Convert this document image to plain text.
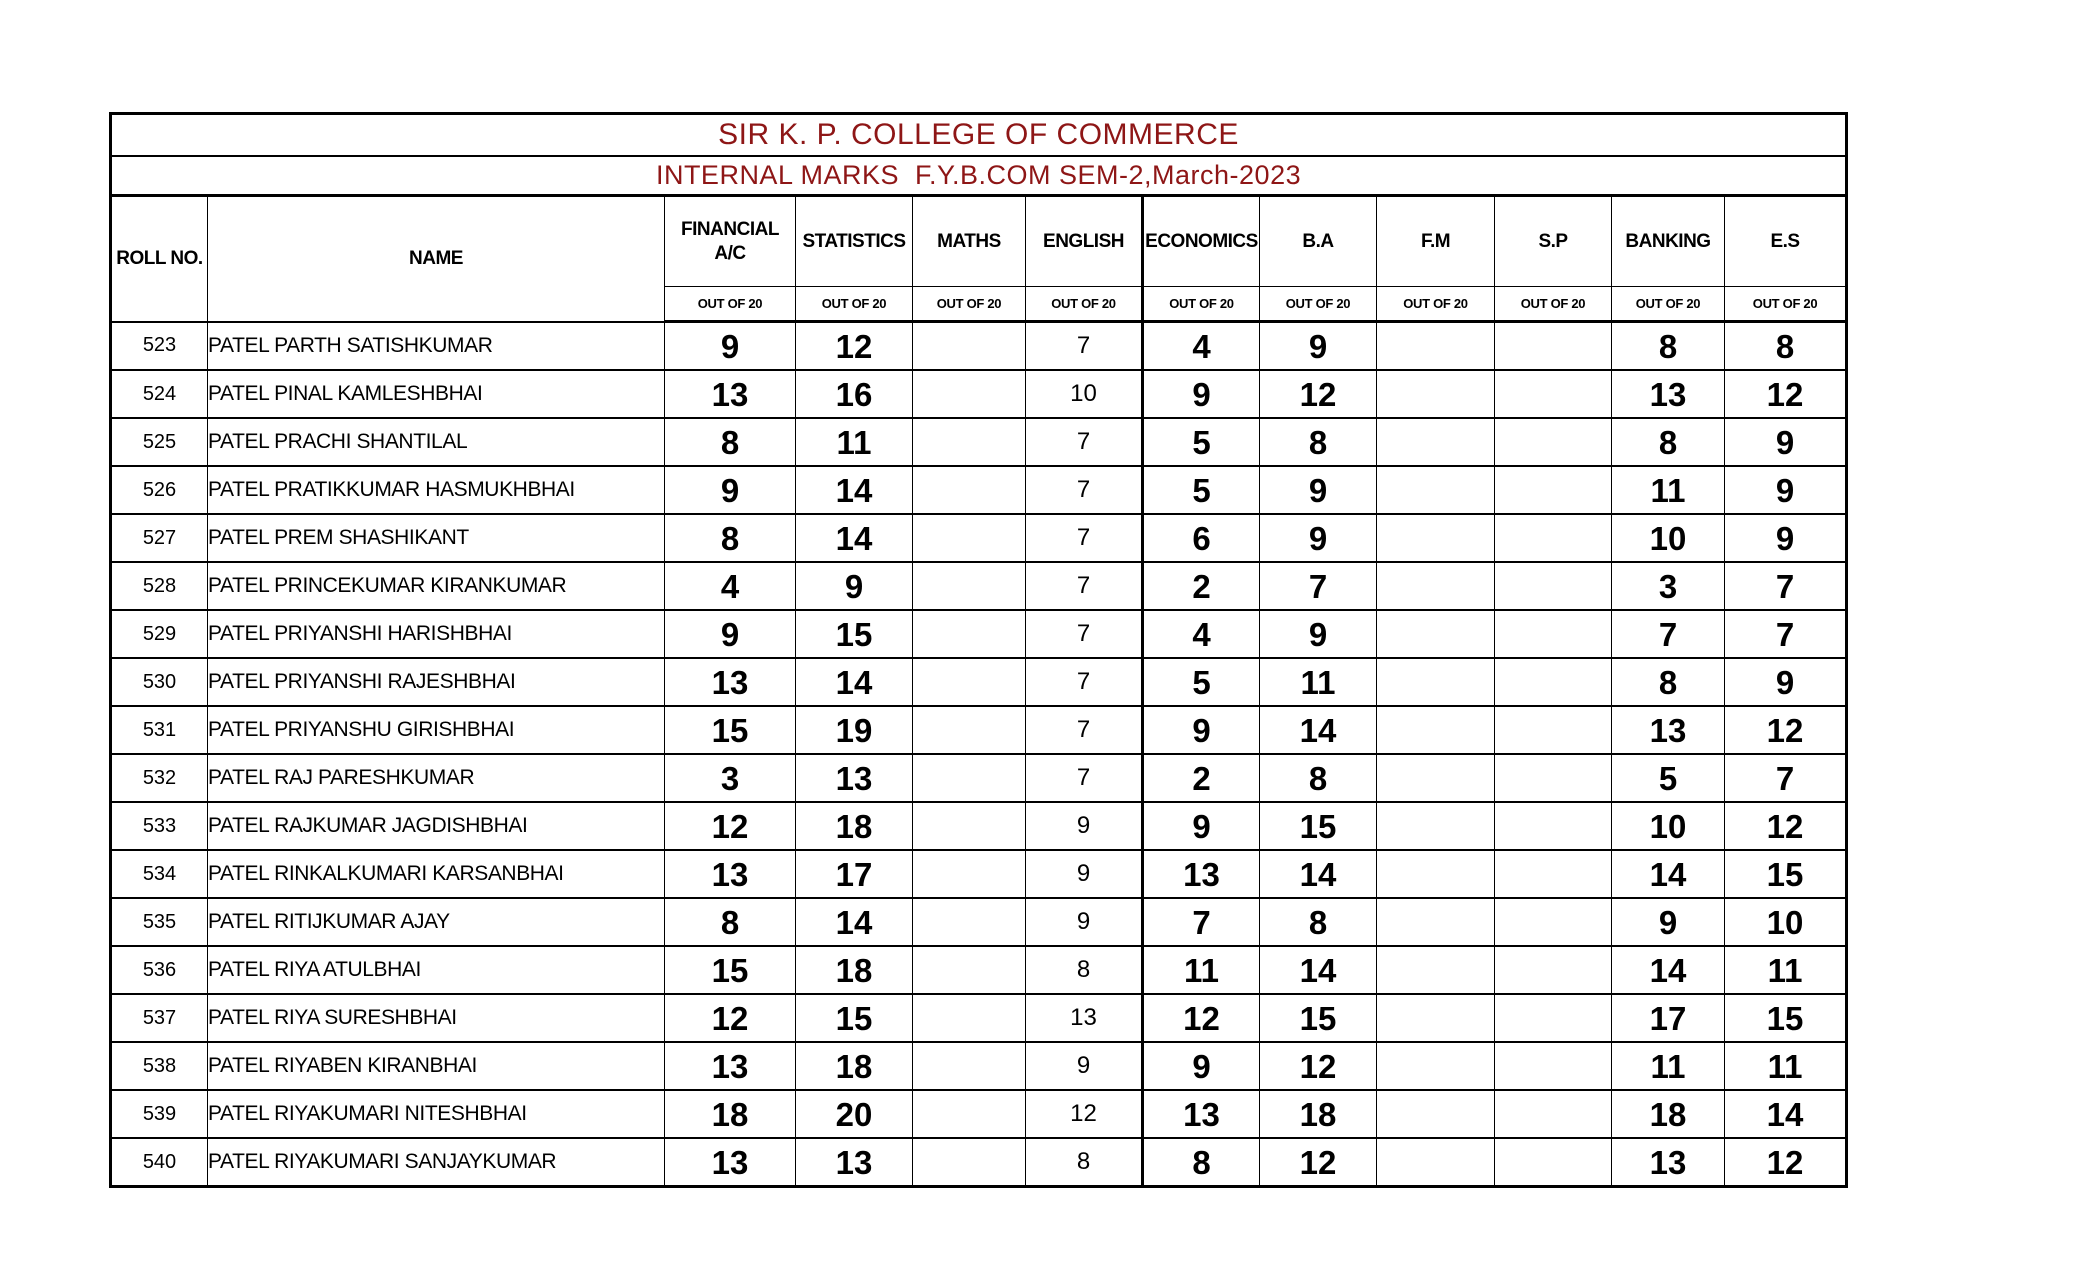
SIR K. P. COLLEGE OF COMMERCE											
INTERNAL MARKS  F.Y.B.COM SEM-2,March-2023											
ROLL NO.	NAME	FINANCIAL A/C	STATISTICS	MATHS	ENGLISH	ECONOMICS	B.A	F.M	S.P	BANKING	E.S
		OUT OF 20	OUT OF 20	OUT OF 20	OUT OF 20	OUT OF 20	OUT OF 20	OUT OF 20	OUT OF 20	OUT OF 20	OUT OF 20
523	PATEL PARTH SATISHKUMAR	9	12		7	4	9			8	8
524	PATEL PINAL KAMLESHBHAI	13	16		10	9	12			13	12
525	PATEL PRACHI SHANTILAL	8	11		7	5	8			8	9
526	PATEL PRATIKKUMAR HASMUKHBHAI	9	14		7	5	9			11	9
527	PATEL PREM SHASHIKANT	8	14		7	6	9			10	9
528	PATEL PRINCEKUMAR KIRANKUMAR	4	9		7	2	7			3	7
529	PATEL PRIYANSHI HARISHBHAI	9	15		7	4	9			7	7
530	PATEL PRIYANSHI RAJESHBHAI	13	14		7	5	11			8	9
531	PATEL PRIYANSHU GIRISHBHAI	15	19		7	9	14			13	12
532	PATEL RAJ PARESHKUMAR	3	13		7	2	8			5	7
533	PATEL RAJKUMAR JAGDISHBHAI	12	18		9	9	15			10	12
534	PATEL RINKALKUMARI KARSANBHAI	13	17		9	13	14			14	15
535	PATEL RITIJKUMAR AJAY	8	14		9	7	8			9	10
536	PATEL RIYA ATULBHAI	15	18		8	11	14			14	11
537	PATEL RIYA SURESHBHAI	12	15		13	12	15			17	15
538	PATEL RIYABEN KIRANBHAI	13	18		9	9	12			11	11
539	PATEL RIYAKUMARI NITESHBHAI	18	20		12	13	18			18	14
540	PATEL RIYAKUMARI SANJAYKUMAR	13	13		8	8	12			13	12
